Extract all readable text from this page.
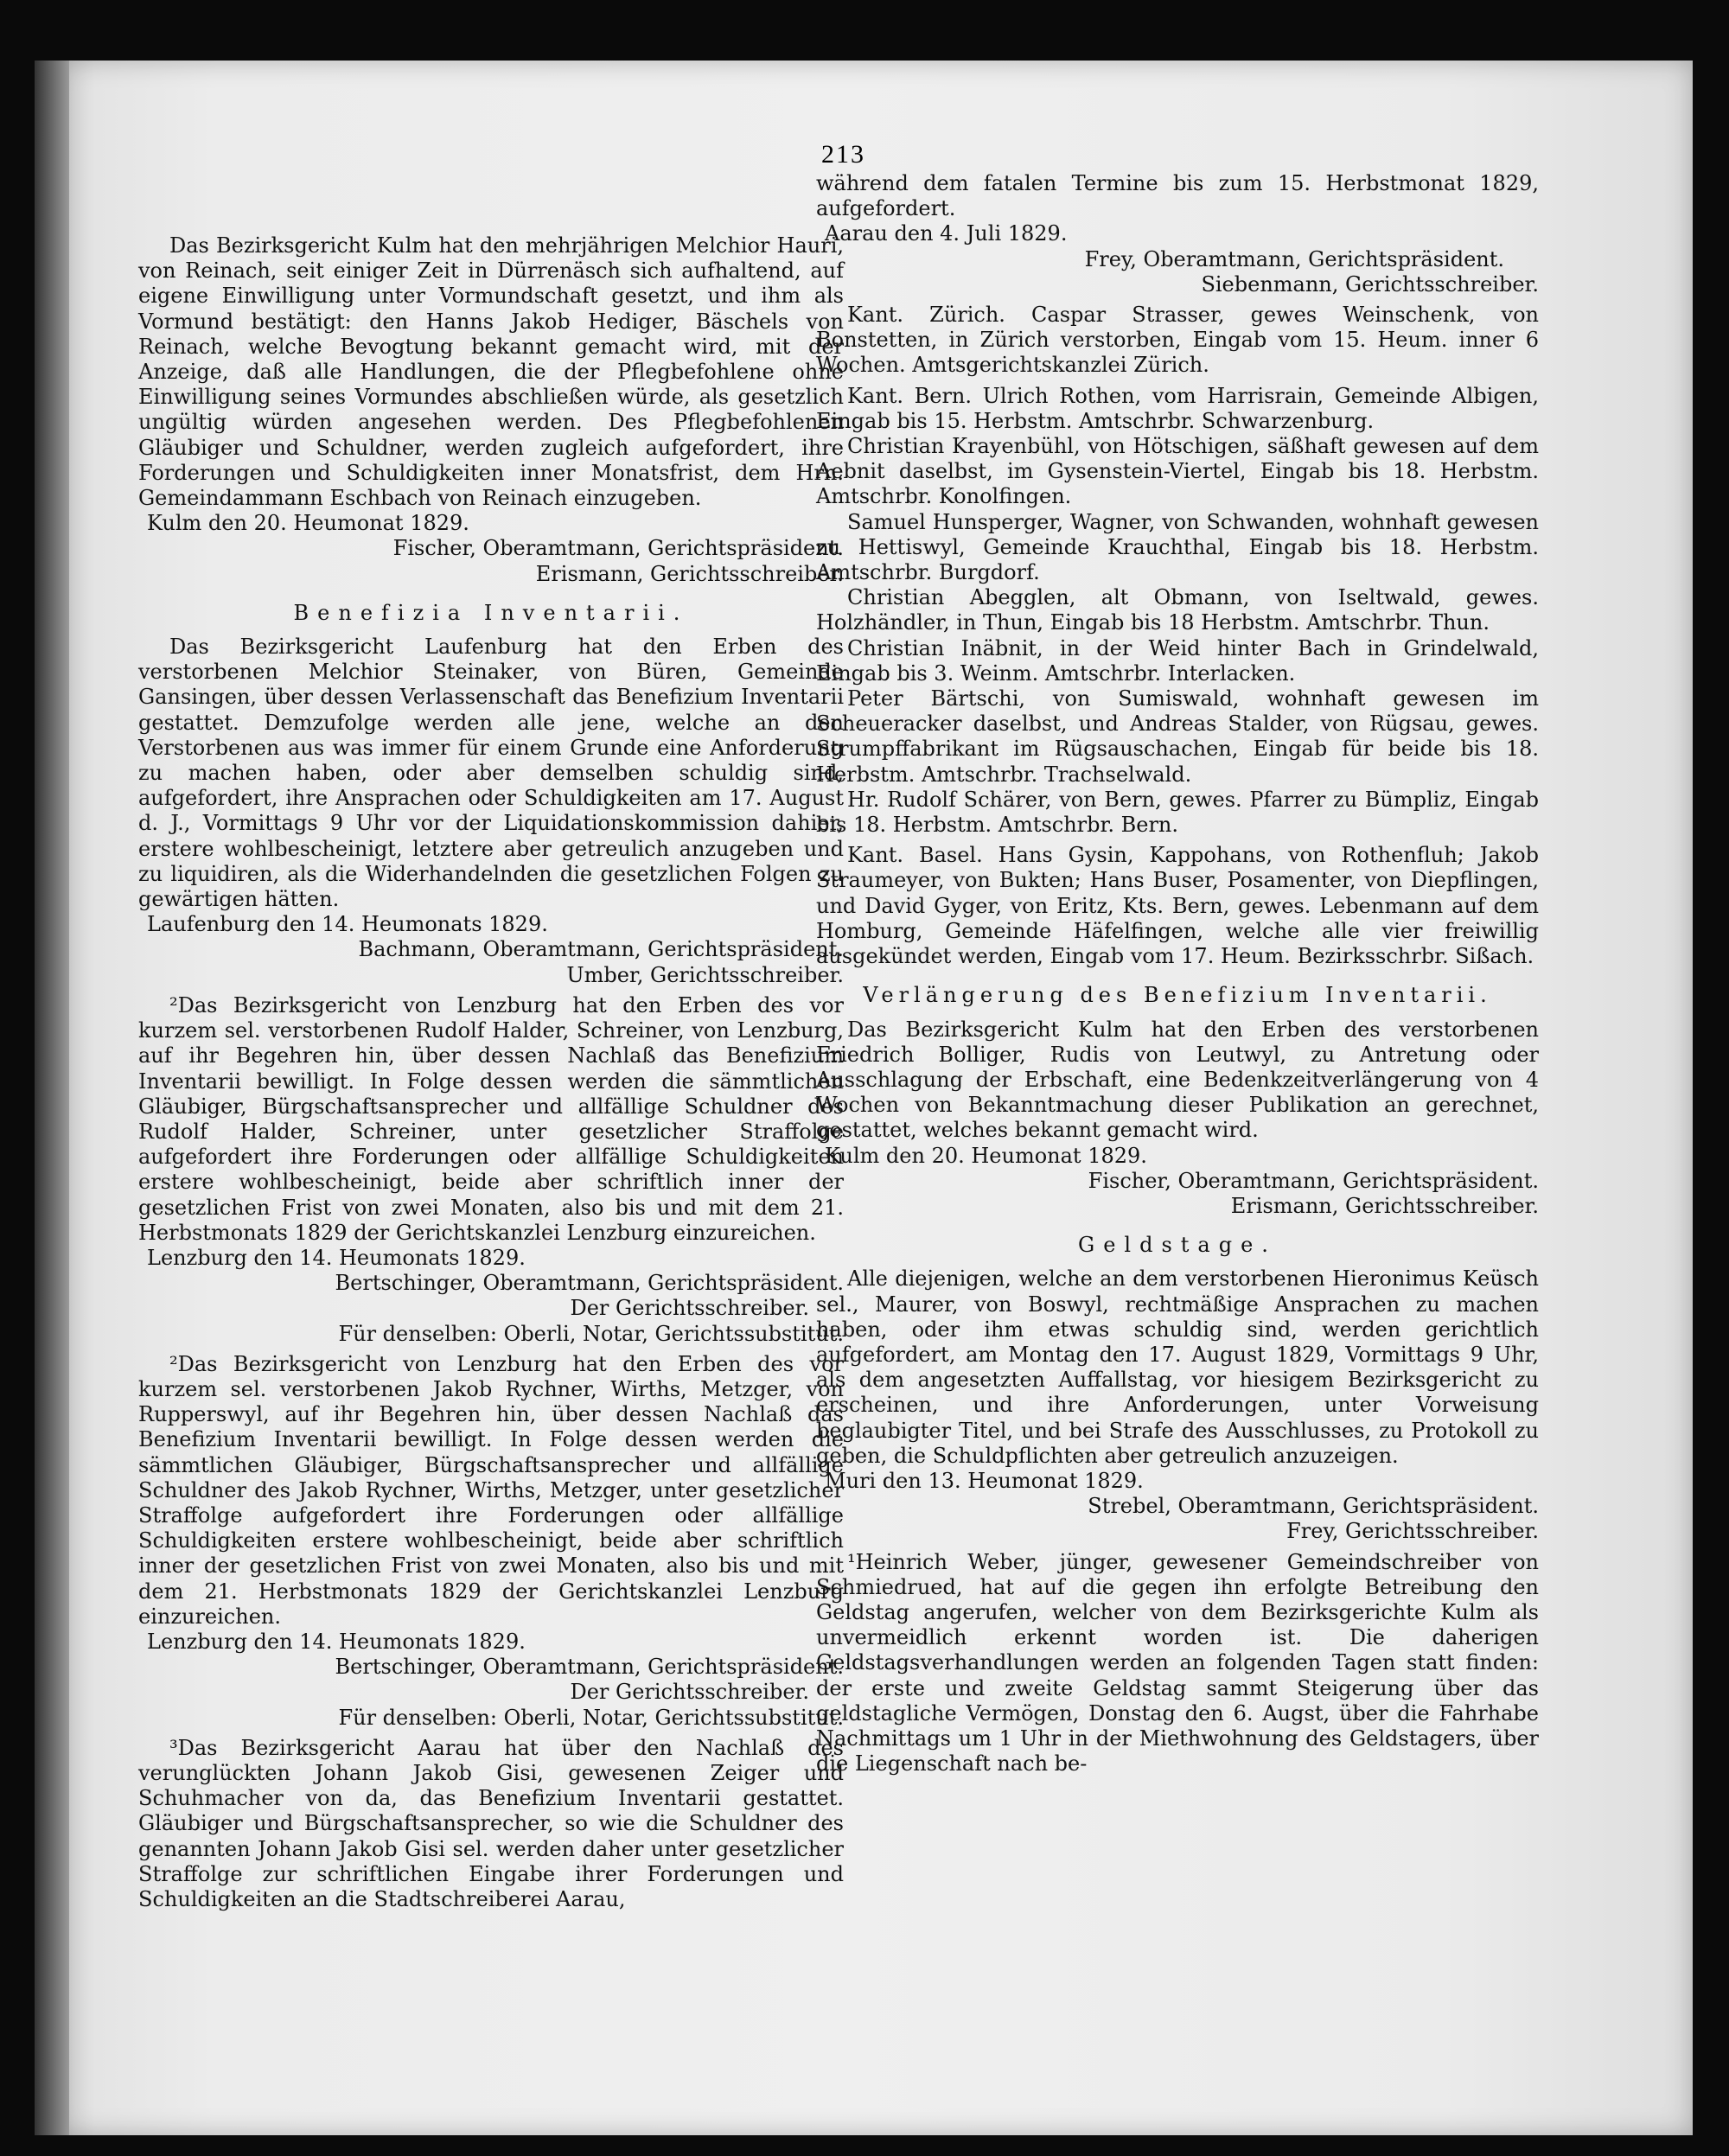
213

Das Bezirksgericht Kulm hat den mehrjährigen Melchior Hauri, von Reinach, seit einiger Zeit in Dürrenäsch sich aufhaltend, auf eigene Einwilligung unter Vormundschaft gesetzt, und ihm als Vormund bestätigt: den Hanns Jakob Hediger, Bäschels von Reinach, welche Bevogtung bekannt gemacht wird, mit der Anzeige, daß alle Handlungen, die der Pflegbefohlene ohne Einwilligung seines Vormundes abschließen würde, als gesetzlich ungültig würden angesehen werden. Des Pflegbefohlenen Gläubiger und Schuldner, werden zugleich aufgefordert, ihre Forderungen und Schuldigkeiten inner Monatsfrist, dem Hrn. Gemeindammann Eschbach von Reinach einzugeben.

Kulm den 20. Heumonat 1829.

Fischer, Oberamtmann, Gerichtspräsident.

Erismann, Gerichtsschreiber.

Benefizia Inventarii.

Das Bezirksgericht Laufenburg hat den Erben des verstorbenen Melchior Steinaker, von Büren, Gemeinde Gansingen, über dessen Verlassenschaft das Benefizium Inventarii gestattet. Demzufolge werden alle jene, welche an den Verstorbenen aus was immer für einem Grunde eine Anforderung zu machen haben, oder aber demselben schuldig sind, aufgefordert, ihre Ansprachen oder Schuldigkeiten am 17. August d. J., Vormittags 9 Uhr vor der Liquidationskommission dahier, erstere wohlbescheinigt, letztere aber getreulich anzugeben und zu liquidiren, als die Widerhandelnden die gesetzlichen Folgen zu gewärtigen hätten.

Laufenburg den 14. Heumonats 1829.

Bachmann, Oberamtmann, Gerichtspräsident.

Umber, Gerichtsschreiber.

²Das Bezirksgericht von Lenzburg hat den Erben des vor kurzem sel. verstorbenen Rudolf Halder, Schreiner, von Lenzburg, auf ihr Begehren hin, über dessen Nachlaß das Benefizium Inventarii bewilligt. In Folge dessen werden die sämmtlichen Gläubiger, Bürgschaftsansprecher und allfällige Schuldner des Rudolf Halder, Schreiner, unter gesetzlicher Straffolge aufgefordert ihre Forderungen oder allfällige Schuldigkeiten erstere wohlbescheinigt, beide aber schriftlich inner der gesetzlichen Frist von zwei Monaten, also bis und mit dem 21. Herbstmonats 1829 der Gerichtskanzlei Lenzburg einzureichen.

Lenzburg den 14. Heumonats 1829.

Bertschinger, Oberamtmann, Gerichtspräsident.

Der Gerichtsschreiber.

Für denselben: Oberli, Notar, Gerichtssubstitut.

²Das Bezirksgericht von Lenzburg hat den Erben des vor kurzem sel. verstorbenen Jakob Rychner, Wirths, Metzger, von Rupperswyl, auf ihr Begehren hin, über dessen Nachlaß das Benefizium Inventarii bewilligt. In Folge dessen werden die sämmtlichen Gläubiger, Bürgschaftsansprecher und allfällige Schuldner des Jakob Rychner, Wirths, Metzger, unter gesetzlicher Straffolge aufgefordert ihre Forderungen oder allfällige Schuldigkeiten erstere wohlbescheinigt, beide aber schriftlich inner der gesetzlichen Frist von zwei Monaten, also bis und mit dem 21. Herbstmonats 1829 der Gerichtskanzlei Lenzburg einzureichen.

Lenzburg den 14. Heumonats 1829.

Bertschinger, Oberamtmann, Gerichtspräsident.

Der Gerichtsschreiber.

Für denselben: Oberli, Notar, Gerichtssubstitut.

³Das Bezirksgericht Aarau hat über den Nachlaß des verunglückten Johann Jakob Gisi, gewesenen Zeiger und Schuhmacher von da, das Benefizium Inventarii gestattet. Gläubiger und Bürgschaftsansprecher, so wie die Schuldner des genannten Johann Jakob Gisi sel. werden daher unter gesetzlicher Straffolge zur schriftlichen Eingabe ihrer Forderungen und Schuldigkeiten an die Stadtschreiberei Aarau,

während dem fatalen Termine bis zum 15. Herbstmonat 1829, aufgefordert.

Aarau den 4. Juli 1829.

Frey, Oberamtmann, Gerichtspräsident.

Siebenmann, Gerichtsschreiber.

Kant. Zürich. Caspar Strasser, gewes Weinschenk, von Bonstetten, in Zürich verstorben, Eingab vom 15. Heum. inner 6 Wochen. Amtsgerichtskanzlei Zürich.

Kant. Bern. Ulrich Rothen, vom Harrisrain, Gemeinde Albigen, Eingab bis 15. Herbstm. Amtschrbr. Schwarzenburg.

Christian Krayenbühl, von Hötschigen, säßhaft gewesen auf dem Aebnit daselbst, im Gysenstein-Viertel, Eingab bis 18. Herbstm. Amtschrbr. Konolfingen.

Samuel Hunsperger, Wagner, von Schwanden, wohnhaft gewesen zu Hettiswyl, Gemeinde Krauchthal, Eingab bis 18. Herbstm. Amtschrbr. Burgdorf.

Christian Abegglen, alt Obmann, von Iseltwald, gewes. Holzhändler, in Thun, Eingab bis 18 Herbstm. Amtschrbr. Thun.

Christian Inäbnit, in der Weid hinter Bach in Grindelwald, Eingab bis 3. Weinm. Amtschrbr. Interlacken.

Peter Bärtschi, von Sumiswald, wohnhaft gewesen im Scheueracker daselbst, und Andreas Stalder, von Rügsau, gewes. Strumpffabrikant im Rügsauschachen, Eingab für beide bis 18. Herbstm. Amtschrbr. Trachselwald.

Hr. Rudolf Schärer, von Bern, gewes. Pfarrer zu Bümpliz, Eingab bis 18. Herbstm. Amtschrbr. Bern.

Kant. Basel. Hans Gysin, Kappohans, von Rothenfluh; Jakob Straumeyer, von Bukten; Hans Buser, Posamenter, von Diepflingen, und David Gyger, von Eritz, Kts. Bern, gewes. Lebenmann auf dem Homburg, Gemeinde Häfelfingen, welche alle vier freiwillig ausgekündet werden, Eingab vom 17. Heum. Bezirksschrbr. Sißach.

Verlängerung des Benefizium Inventarii.

Das Bezirksgericht Kulm hat den Erben des verstorbenen Friedrich Bolliger, Rudis von Leutwyl, zu Antretung oder Ausschlagung der Erbschaft, eine Bedenkzeitverlängerung von 4 Wochen von Bekanntmachung dieser Publikation an gerechnet, gestattet, welches bekannt gemacht wird.

Kulm den 20. Heumonat 1829.

Fischer, Oberamtmann, Gerichtspräsident.

Erismann, Gerichtsschreiber.

Geldstage.

Alle diejenigen, welche an dem verstorbenen Hieronimus Keüsch sel., Maurer, von Boswyl, rechtmäßige Ansprachen zu machen haben, oder ihm etwas schuldig sind, werden gerichtlich aufgefordert, am Montag den 17. August 1829, Vormittags 9 Uhr, als dem angesetzten Auffallstag, vor hiesigem Bezirksgericht zu erscheinen, und ihre Anforderungen, unter Vorweisung beglaubigter Titel, und bei Strafe des Ausschlusses, zu Protokoll zu geben, die Schuldpflichten aber getreulich anzuzeigen.

Muri den 13. Heumonat 1829.

Strebel, Oberamtmann, Gerichtspräsident.

Frey, Gerichtsschreiber.

¹Heinrich Weber, jünger, gewesener Gemeindschreiber von Schmiedrued, hat auf die gegen ihn erfolgte Betreibung den Geldstag angerufen, welcher von dem Bezirksgerichte Kulm als unvermeidlich erkennt worden ist. Die daherigen Geldstagsverhandlungen werden an folgenden Tagen statt finden: der erste und zweite Geldstag sammt Steigerung über das geldstagliche Vermögen, Donstag den 6. Augst, über die Fahrhabe Nachmittags um 1 Uhr in der Miethwohnung des Geldstagers, über die Liegenschaft nach be-
